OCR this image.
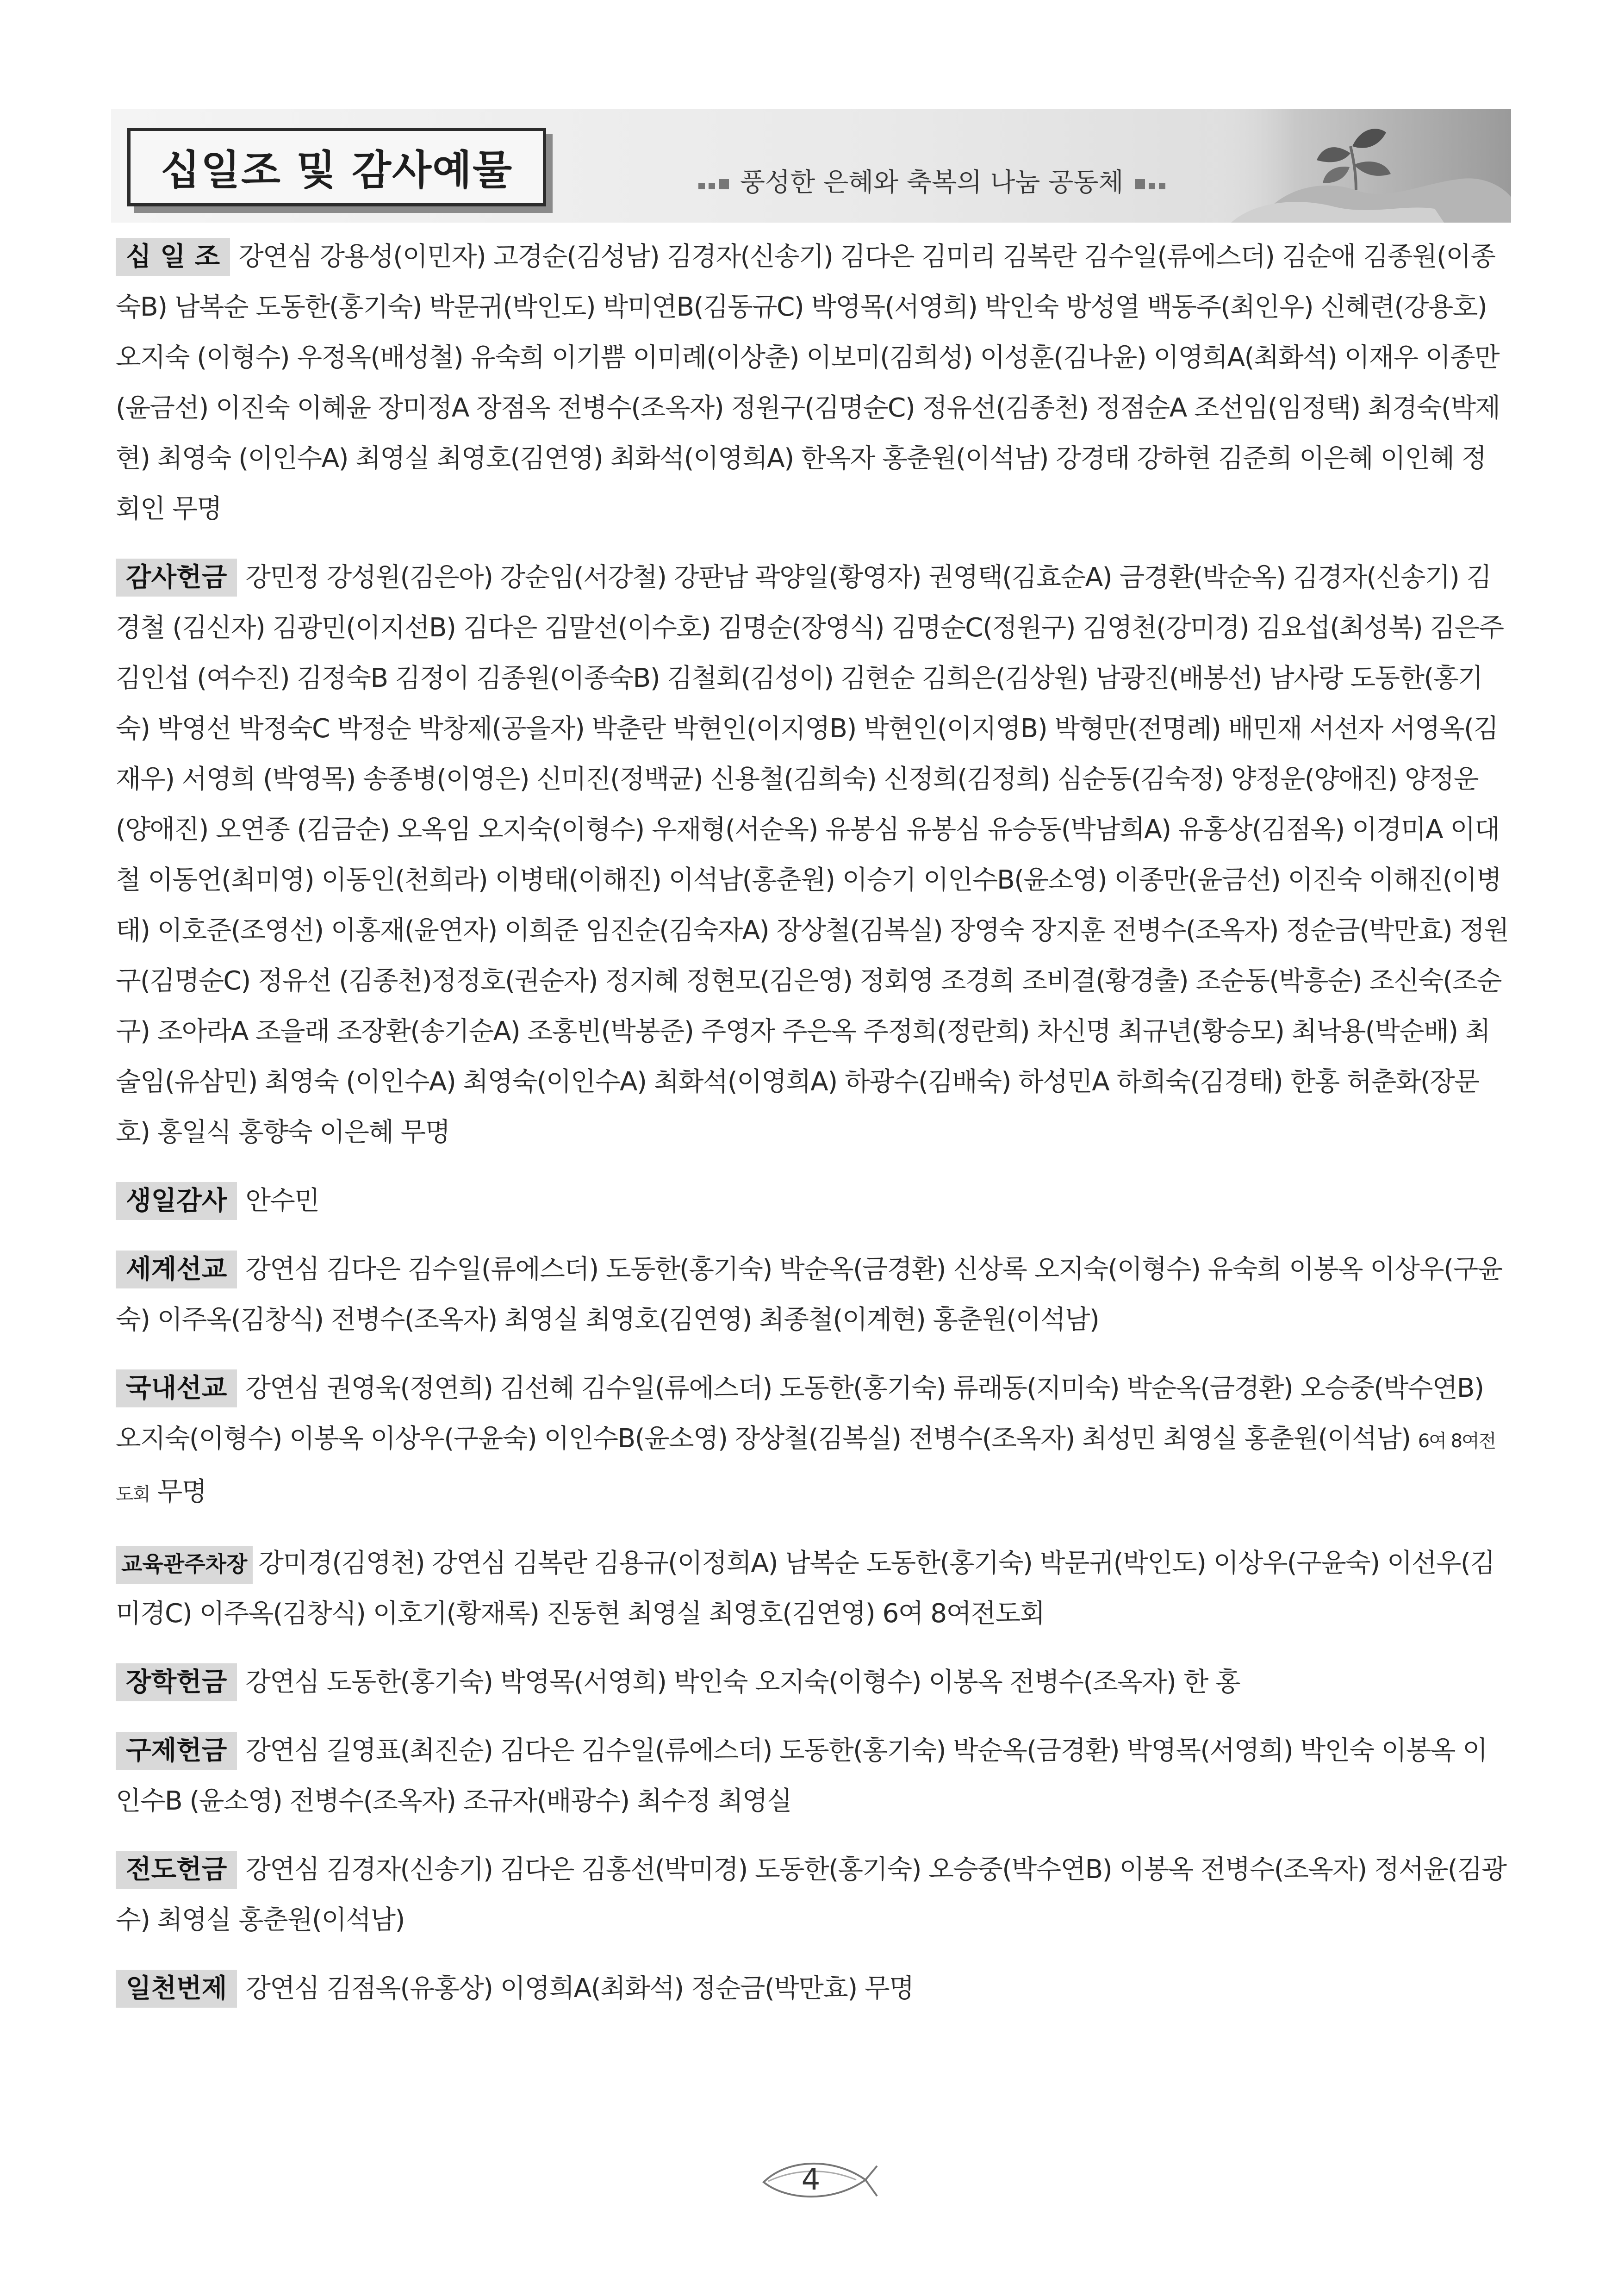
십일조 및 감사예물	풍성한 은혜와 축복의 나눔 공동체
십 일 조 강연심 강용성(이민자) 고경순(김성남) 김경자(신송기) 김다은 김미리 김복란 김수일(류에스더) 김순애 김종원(이종숙B) 남복순 도동한(홍기숙) 박문귀(박인도) 박미연B(김동규C) 박영목(서영희) 박인숙 방성열 백동주(최인우) 신혜련(강용호) 오지숙 (이형수) 우정옥(배성철) 유숙희 이기쁨 이미례(이상춘) 이보미(김희성) 이성훈(김나윤) 이영희A(최화석) 이재우 이종만(윤금선) 이진숙 이혜윤 장미정A 장점옥 전병수(조옥자) 정원구(김명순C) 정유선(김종천) 정점순A 조선임(임정택) 최경숙(박제현) 최영숙 (이인수A) 최영실 최영호(김연영) 최화석(이영희A) 한옥자 홍춘원(이석남) 강경태 강하현 김준희 이은혜 이인혜 정회인 무명
감사헌금 강민정 강성원(김은아) 강순임(서강철) 강판남 곽양일(황영자) 권영택(김효순A) 금경환(박순옥) 김경자(신송기) 김경철 (김신자) 김광민(이지선B) 김다은 김말선(이수호) 김명순(장영식) 김명순C(정원구) 김영천(강미경) 김요섭(최성복) 김은주 김인섭 (여수진) 김정숙B 김정이 김종원(이종숙B) 김철회(김성이) 김현순 김희은(김상원) 남광진(배봉선) 남사랑 도동한(홍기숙) 박영선 박정숙C 박정순 박창제(공을자) 박춘란 박현인(이지영B) 박현인(이지영B) 박형만(전명례) 배민재 서선자 서영옥(김재우) 서영희 (박영목) 송종병(이영은) 신미진(정백균) 신용철(김희숙) 신정희(김정희) 심순동(김숙정) 양정운(양애진) 양정운(양애진) 오연종 (김금순) 오옥임 오지숙(이형수) 우재형(서순옥) 유봉심 유봉심 유승동(박남희A) 유홍상(김점옥) 이경미A 이대철 이동언(최미영) 이동인(천희라) 이병태(이해진) 이석남(홍춘원) 이승기 이인수B(윤소영) 이종만(윤금선) 이진숙 이해진(이병태) 이호준(조영선) 이홍재(윤연자) 이희준 임진순(김숙자A) 장상철(김복실) 장영숙 장지훈 전병수(조옥자) 정순금(박만효) 정원구(김명순C) 정유선 (김종천)정정호(권순자) 정지혜 정현모(김은영) 정회영 조경희 조비결(황경출) 조순동(박흥순) 조신숙(조순구) 조아라A 조을래 조장환(송기순A) 조홍빈(박봉준) 주영자 주은옥 주정희(정란희) 차신명 최규년(황승모) 최낙용(박순배) 최술임(유삼민) 최영숙 (이인수A) 최영숙(이인수A) 최화석(이영희A) 하광수(김배숙) 하성민A 하희숙(김경태) 한홍 허춘화(장문호) 홍일식 홍향숙 이은혜 무명
생일감사 안수민
세계선교 강연심 김다은 김수일(류에스더) 도동한(홍기숙) 박순옥(금경환) 신상록 오지숙(이형수) 유숙희 이봉옥 이상우(구윤숙) 이주옥(김창식) 전병수(조옥자) 최영실 최영호(김연영) 최종철(이계현) 홍춘원(이석남)
국내선교 강연심 권영욱(정연희) 김선혜 김수일(류에스더) 도동한(홍기숙) 류래동(지미숙) 박순옥(금경환) 오승중(박수연B) 오지숙(이형수) 이봉옥 이상우(구윤숙) 이인수B(윤소영) 장상철(김복실) 전병수(조옥자) 최성민 최영실 홍춘원(이석남) 6여 8여전도회 무명
교육관주차장 강미경(김영천) 강연심 김복란 김용규(이정희A) 남복순 도동한(홍기숙) 박문귀(박인도) 이상우(구윤숙) 이선우(김미경C) 이주옥(김창식) 이호기(황재록) 진동현 최영실 최영호(김연영) 6여 8여전도회
장학헌금 강연심 도동한(홍기숙) 박영목(서영희) 박인숙 오지숙(이형수) 이봉옥 전병수(조옥자) 한 홍
구제헌금 강연심 길영표(최진순) 김다은 김수일(류에스더) 도동한(홍기숙) 박순옥(금경환) 박영목(서영희) 박인숙 이봉옥 이인수B (윤소영) 전병수(조옥자) 조규자(배광수) 최수정 최영실
전도헌금 강연심 김경자(신송기) 김다은 김홍선(박미경) 도동한(홍기숙) 오승중(박수연B) 이봉옥 전병수(조옥자) 정서윤(김광수) 최영실 홍춘원(이석남)
일천번제 강연심 김점옥(유홍상) 이영희A(최화석) 정순금(박만효) 무명
4
